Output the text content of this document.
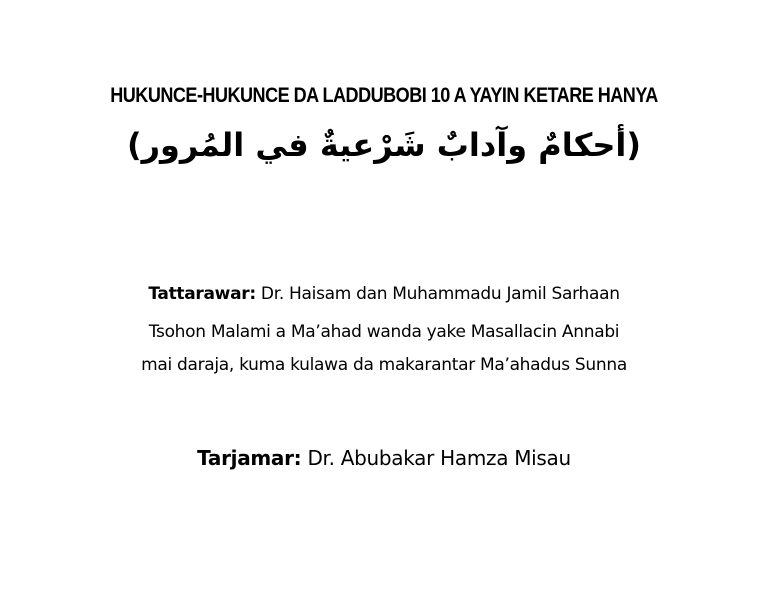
HUKUNCE-HUKUNCE DA LADDUBOBI 10 A YAYIN KETARE HANYA
(أحكامٌ وآدابٌ شَرْعيةٌ في المُرور)
Tattarawar: Dr. Haisam dan Muhammadu Jamil Sarhaan
Tsohon Malami a Ma’ahad wanda yake Masallacin Annabi
mai daraja, kuma kulawa da makarantar Ma’ahadus Sunna
Tarjamar: Dr. Abubakar Hamza Misau
